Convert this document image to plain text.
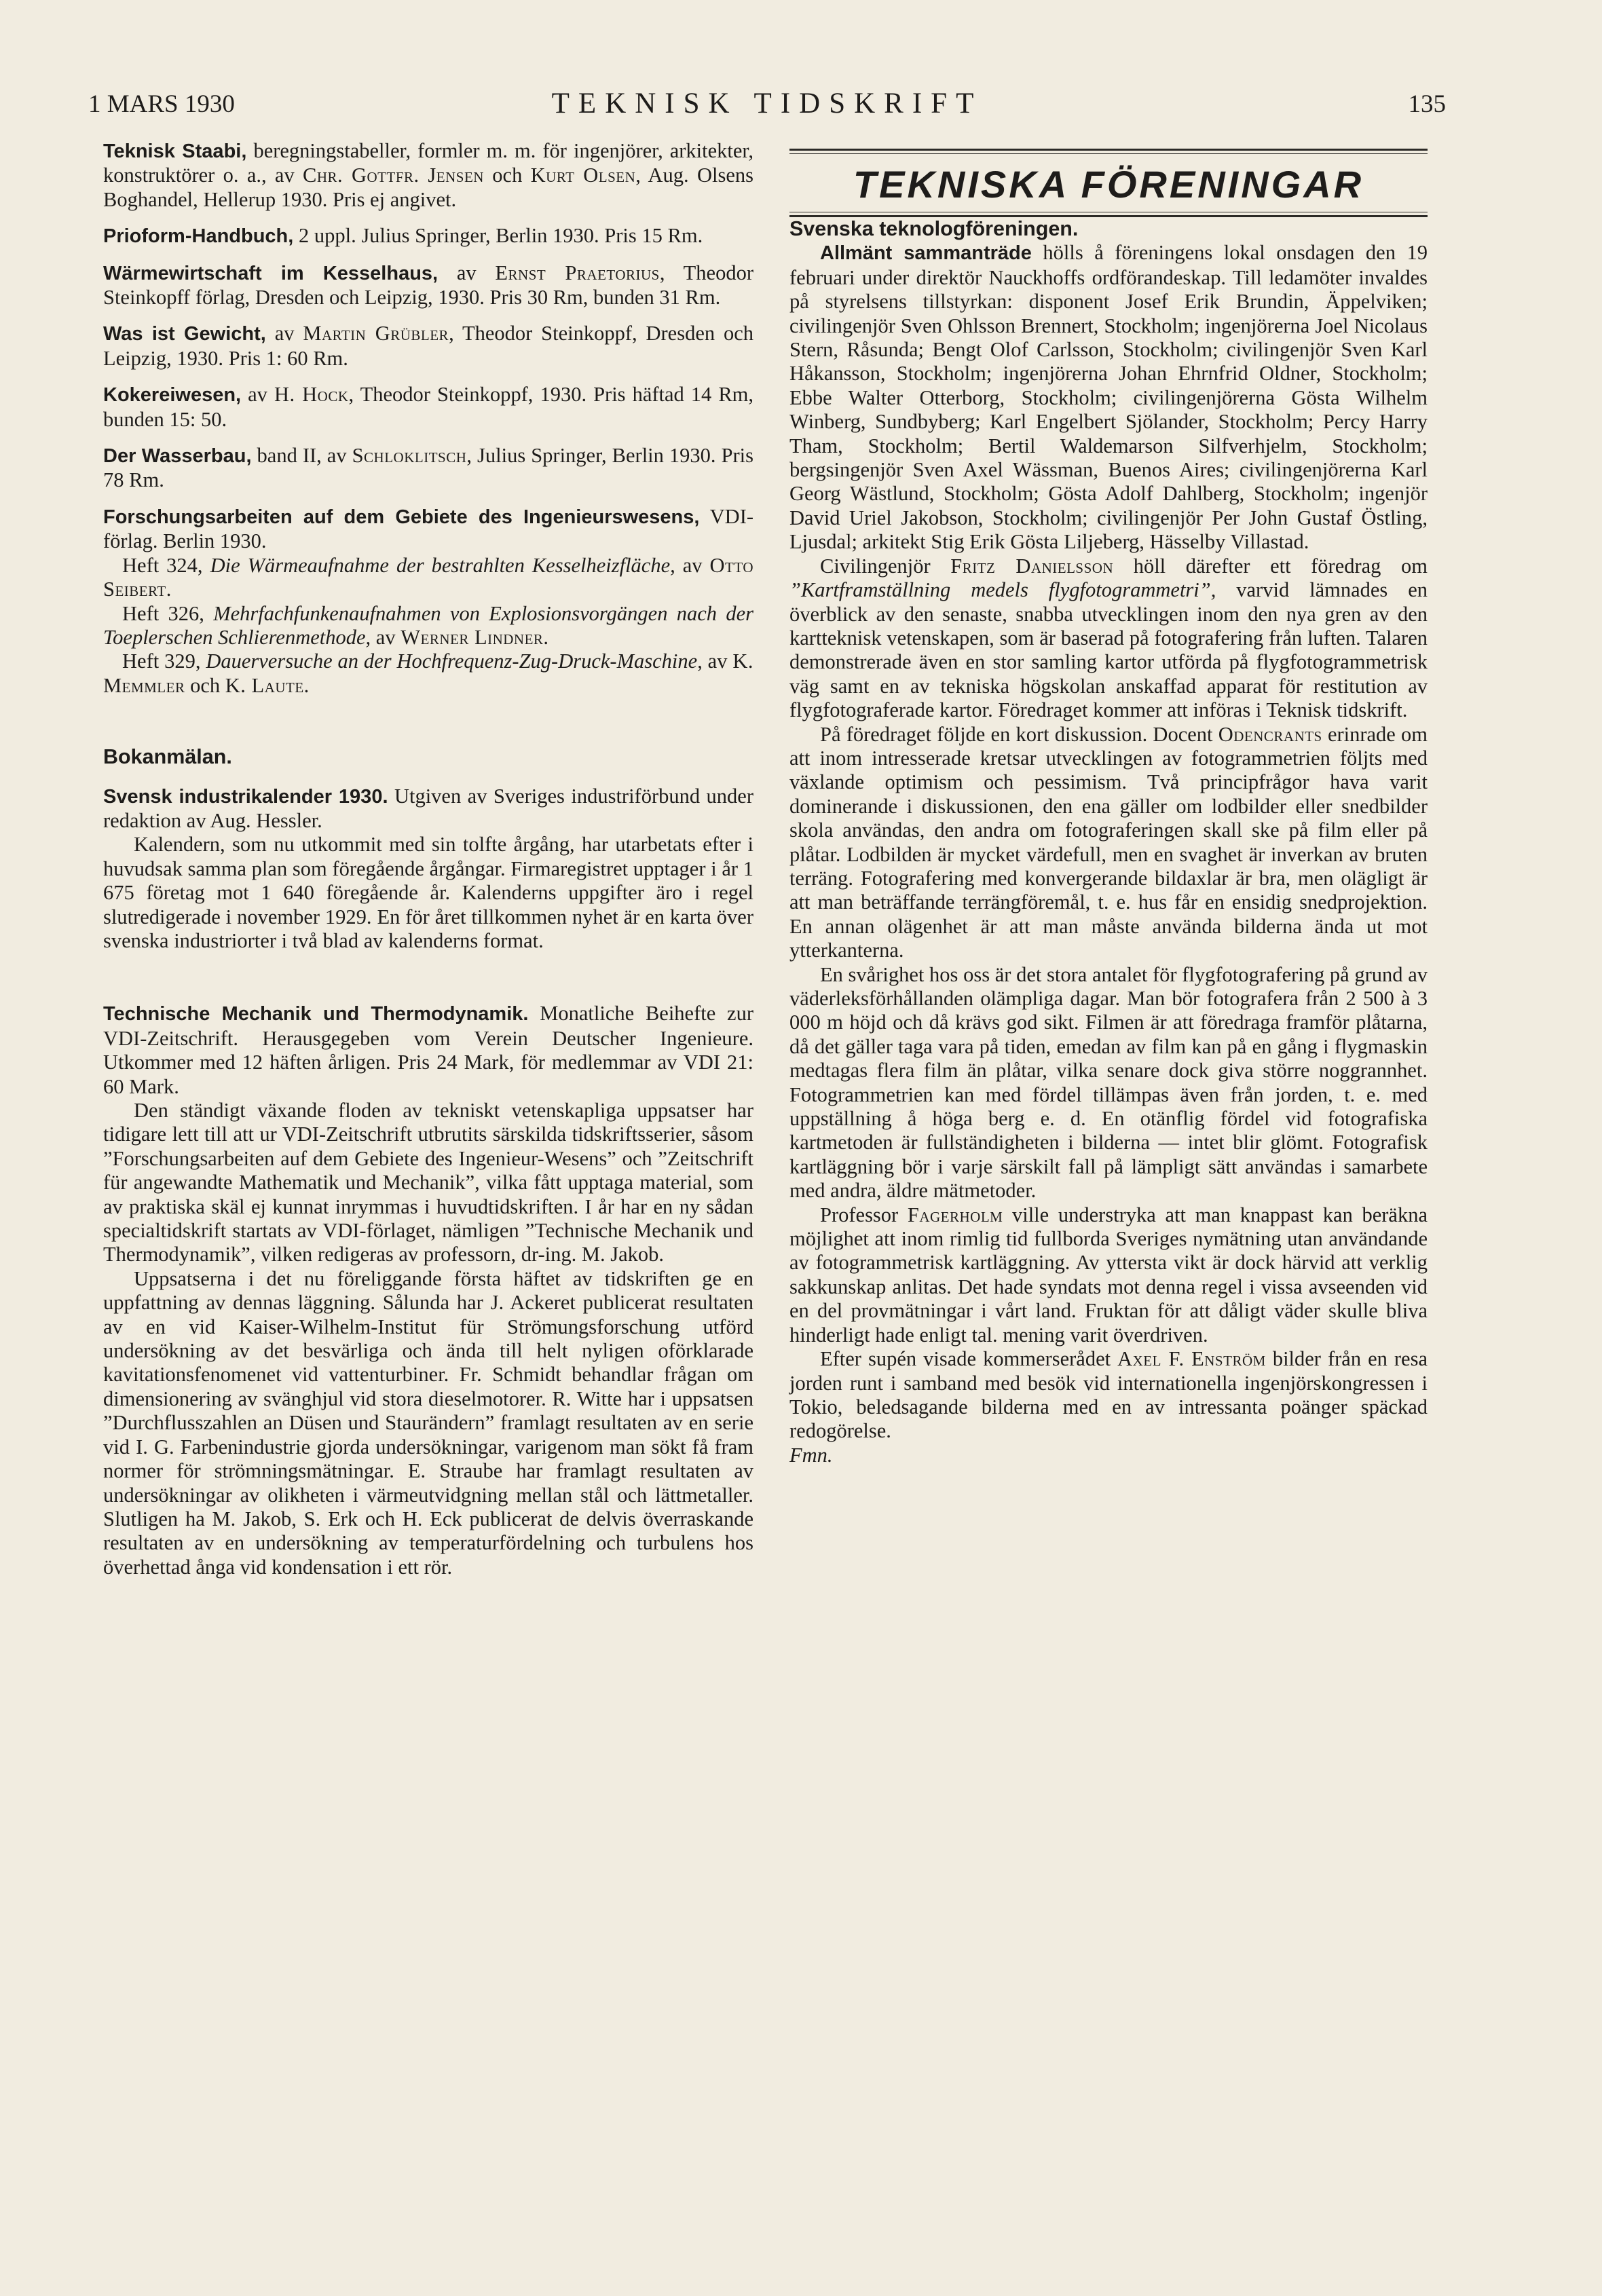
1 MARS 1930	TEKNISK TIDSKRIFT	135

Teknisk Staabi, beregningstabeller, formler m. m. för ingenjörer, arkitekter, konstruktörer o. a., av Chr. Gottfr. Jensen och Kurt Olsen, Aug. Olsens Boghandel, Hellerup 1930. Pris ej angivet.

Prioform-Handbuch, 2 uppl. Julius Springer, Berlin 1930. Pris 15 Rm.

Wärmewirtschaft im Kesselhaus, av Ernst Praetorius, Theodor Steinkopff förlag, Dresden och Leipzig, 1930. Pris 30 Rm, bunden 31 Rm.

Was ist Gewicht, av Martin Grübler, Theodor Steinkoppf, Dresden och Leipzig, 1930. Pris 1: 60 Rm.

Kokereiwesen, av H. Hock, Theodor Steinkoppf, 1930. Pris häftad 14 Rm, bunden 15: 50.

Der Wasserbau, band II, av Schloklitsch, Julius Springer, Berlin 1930. Pris 78 Rm.

Forschungsarbeiten auf dem Gebiete des Ingenieurswesens, VDI-förlag. Berlin 1930.

Heft 324, Die Wärmeaufnahme der bestrahlten Kesselheizfläche, av Otto Seibert.

Heft 326, Mehrfachfunkenaufnahmen von Explosionsvorgängen nach der Toeplerschen Schlierenmethode, av Werner Lindner.

Heft 329, Dauerversuche an der Hochfrequenz-Zug-Druck-Maschine, av K. Memmler och K. Laute.

Bokanmälan.

Svensk industrikalender 1930. Utgiven av Sveriges industriförbund under redaktion av Aug. Hessler.

Kalendern, som nu utkommit med sin tolfte årgång, har utarbetats efter i huvudsak samma plan som föregående årgångar. Firmaregistret upptager i år 1 675 företag mot 1 640 föregående år. Kalenderns uppgifter äro i regel slutredigerade i november 1929. En för året tillkommen nyhet är en karta över svenska industriorter i två blad av kalenderns format.

Technische Mechanik und Thermodynamik. Monatliche Beihefte zur VDI-Zeitschrift. Herausgegeben vom Verein Deutscher Ingenieure. Utkommer med 12 häften årligen. Pris 24 Mark, för medlemmar av VDI 21: 60 Mark.

Den ständigt växande floden av tekniskt vetenskapliga uppsatser har tidigare lett till att ur VDI-Zeitschrift utbrutits särskilda tidskriftsserier, såsom ”Forschungsarbeiten auf dem Gebiete des Ingenieur-Wesens” och ”Zeitschrift für angewandte Mathematik und Mechanik”, vilka fått upptaga material, som av praktiska skäl ej kunnat inrymmas i huvudtidskriften. I år har en ny sådan specialtidskrift startats av VDI-förlaget, nämligen ”Technische Mechanik und Thermodynamik”, vilken redigeras av professorn, dr-ing. M. Jakob.

Uppsatserna i det nu föreliggande första häftet av tidskriften ge en uppfattning av dennas läggning. Sålunda har J. Ackeret publicerat resultaten av en vid Kaiser-Wilhelm-Institut für Strömungsforschung utförd undersökning av det besvärliga och ända till helt nyligen oförklarade kavitationsfenomenet vid vattenturbiner. Fr. Schmidt behandlar frågan om dimensionering av svänghjul vid stora dieselmotorer. R. Witte har i uppsatsen ”Durchflusszahlen an Düsen und Staurändern” framlagt resultaten av en serie vid I. G. Farbenindustrie gjorda undersökningar, varigenom man sökt få fram normer för strömningsmätningar. E. Straube har framlagt resultaten av undersökningar av olikheten i värmeutvidgning mellan stål och lättmetaller. Slutligen ha M. Jakob, S. Erk och H. Eck publicerat de delvis överraskande resultaten av en undersökning av temperaturfördelning och turbulens hos överhettad ånga vid kondensation i ett rör.

TEKNISKA FÖRENINGAR

Svenska teknologföreningen.

Allmänt sammanträde hölls å föreningens lokal onsdagen den 19 februari under direktör Nauckhoffs ordförandeskap. Till ledamöter invaldes på styrelsens tillstyrkan: disponent Josef Erik Brundin, Äppelviken; civilingenjör Sven Ohlsson Brennert, Stockholm; ingenjörerna Joel Nicolaus Stern, Råsunda; Bengt Olof Carlsson, Stockholm; civilingenjör Sven Karl Håkansson, Stockholm; ingenjörerna Johan Ehrnfrid Oldner, Stockholm; Ebbe Walter Otterborg, Stockholm; civilingenjörerna Gösta Wilhelm Winberg, Sundbyberg; Karl Engelbert Sjölander, Stockholm; Percy Harry Tham, Stockholm; Bertil Waldemarson Silfverhjelm, Stockholm; bergsingenjör Sven Axel Wässman, Buenos Aires; civilingenjörerna Karl Georg Wästlund, Stockholm; Gösta Adolf Dahlberg, Stockholm; ingenjör David Uriel Jakobson, Stockholm; civilingenjör Per John Gustaf Östling, Ljusdal; arkitekt Stig Erik Gösta Liljeberg, Hässelby Villastad.

Civilingenjör Fritz Danielsson höll därefter ett föredrag om ”Kartframställning medels flygfotogrammetri”, varvid lämnades en överblick av den senaste, snabba utvecklingen inom den nya gren av den kartteknisk vetenskapen, som är baserad på fotografering från luften. Talaren demonstrerade även en stor samling kartor utförda på flygfotogrammetrisk väg samt en av tekniska högskolan anskaffad apparat för restitution av flygfotograferade kartor. Föredraget kommer att införas i Teknisk tidskrift.

På föredraget följde en kort diskussion. Docent Odencrants erinrade om att inom intresserade kretsar utvecklingen av fotogrammetrien följts med växlande optimism och pessimism. Två principfrågor hava varit dominerande i diskussionen, den ena gäller om lodbilder eller snedbilder skola användas, den andra om fotograferingen skall ske på film eller på plåtar. Lodbilden är mycket värdefull, men en svaghet är inverkan av bruten terräng. Fotografering med konvergerande bildaxlar är bra, men olägligt är att man beträffande terrängföremål, t. e. hus får en ensidig snedprojektion. En annan olägenhet är att man måste använda bilderna ända ut mot ytterkanterna.

En svårighet hos oss är det stora antalet för flygfotografering på grund av väderleksförhållanden olämpliga dagar. Man bör fotografera från 2 500 à 3 000 m höjd och då krävs god sikt. Filmen är att föredraga framför plåtarna, då det gäller taga vara på tiden, emedan av film kan på en gång i flygmaskin medtagas flera film än plåtar, vilka senare dock giva större noggrannhet. Fotogrammetrien kan med fördel tillämpas även från jorden, t. e. med uppställning å höga berg e. d. En otänflig fördel vid fotografiska kartmetoden är fullständigheten i bilderna — intet blir glömt. Fotografisk kartläggning bör i varje särskilt fall på lämpligt sätt användas i samarbete med andra, äldre mätmetoder.

Professor Fagerholm ville understryka att man knappast kan beräkna möjlighet att inom rimlig tid fullborda Sveriges nymätning utan användande av fotogrammetrisk kartläggning. Av yttersta vikt är dock härvid att verklig sakkunskap anlitas. Det hade syndats mot denna regel i vissa avseenden vid en del provmätningar i vårt land. Fruktan för att dåligt väder skulle bliva hinderligt hade enligt tal. mening varit överdriven.

Efter supén visade kommerserådet Axel F. Enström bilder från en resa jorden runt i samband med besök vid internationella ingenjörskongressen i Tokio, beledsagande bilderna med en av intressanta poänger späckad redogörelse.

Fmn.
